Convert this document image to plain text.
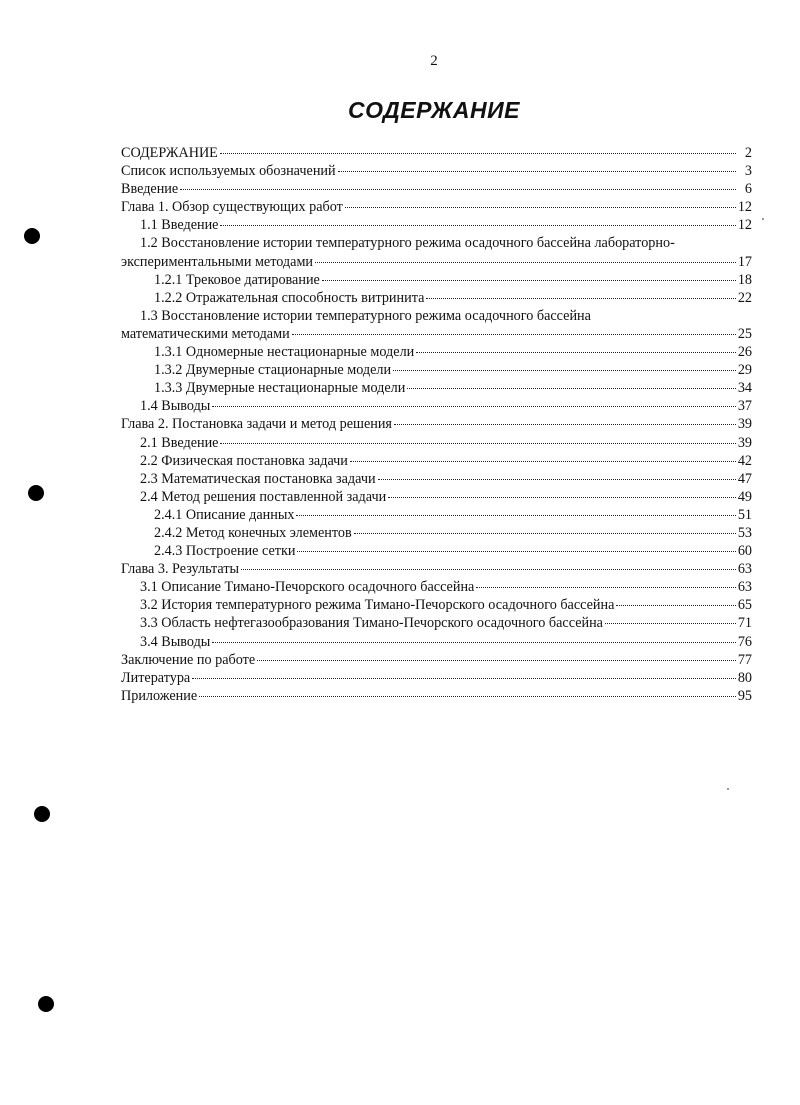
2
СОДЕРЖАНИЕ
СОДЕРЖАНИЕ	2
Список используемых обозначений	3
Введение	6
Глава 1. Обзор существующих работ	12
1.1 Введение	12
1.2 Восстановление истории температурного режима осадочного бассейна лабораторно-
экспериментальными методами	17
1.2.1 Трековое датирование	18
1.2.2 Отражательная способность витринита	22
1.3 Восстановление истории температурного режима осадочного бассейна
математическими методами	25
1.3.1 Одномерные нестационарные модели	26
1.3.2 Двумерные стационарные модели	29
1.3.3 Двумерные нестационарные модели	34
1.4 Выводы	37
Глава 2. Постановка задачи и метод решения	39
2.1 Введение	39
2.2 Физическая постановка задачи	42
2.3 Математическая постановка задачи	47
2.4 Метод решения поставленной задачи	49
2.4.1 Описание данных	51
2.4.2 Метод конечных элементов	53
2.4.3 Построение сетки	60
Глава 3. Результаты	63
3.1 Описание Тимано-Печорского осадочного бассейна	63
3.2 История температурного режима Тимано-Печорского осадочного бассейна	65
3.3 Область нефтегазообразования Тимано-Печорского осадочного бассейна	71
3.4 Выводы	76
Заключение по работе	77
Литература	80
Приложение	95
